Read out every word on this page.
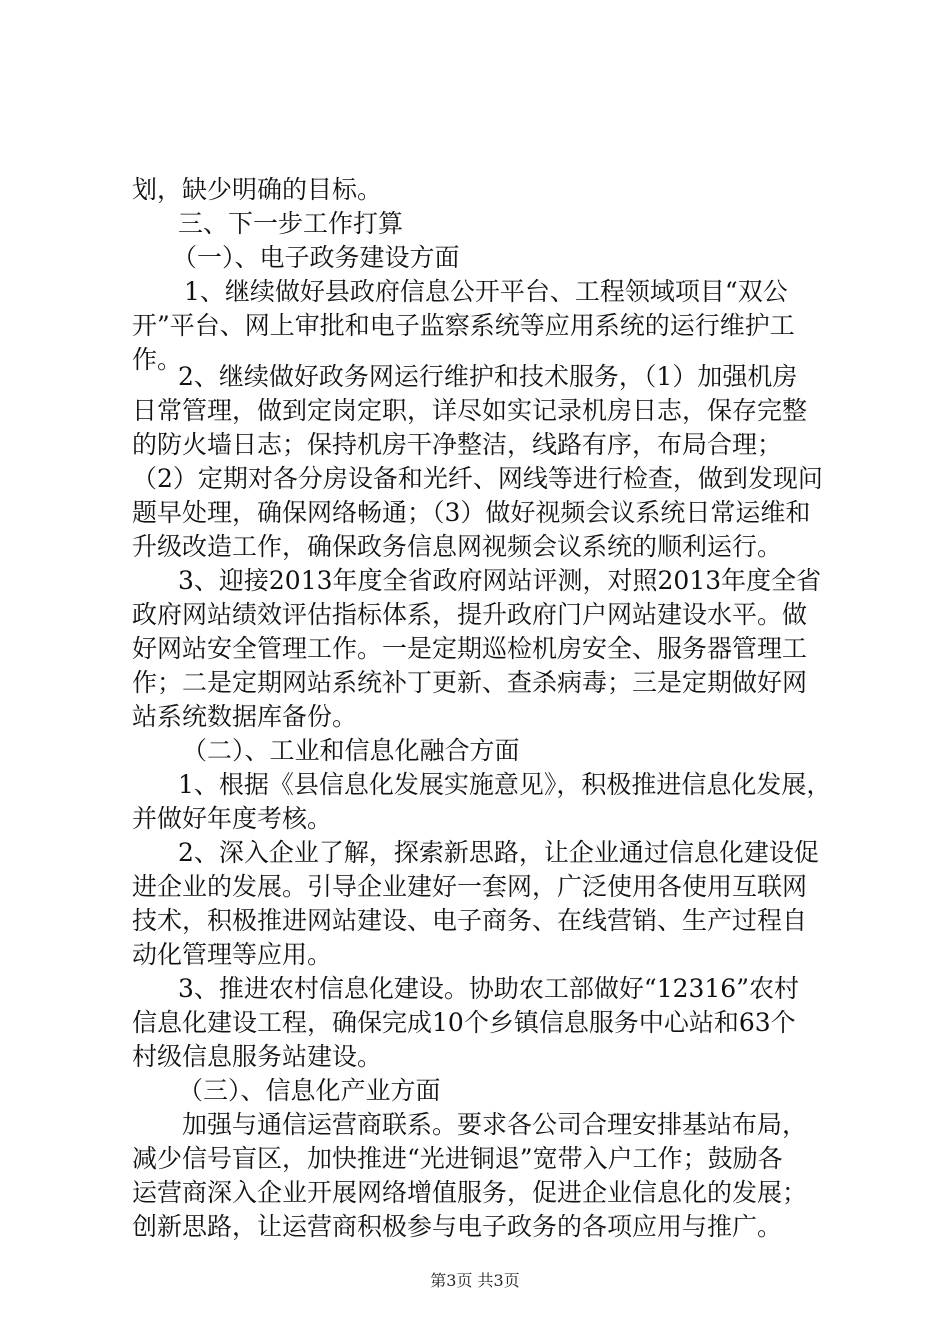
划，缺少明确的目标。
三、下一步工作打算
（一）、电子政务建设方面
1、继续做好县政府信息公开平台、工程领域项目“双公
开”平台、网上审批和电子监察系统等应用系统的运行维护工
作。
2、继续做好政务网运行维护和技术服务，（1）加强机房
日常管理，做到定岗定职，详尽如实记录机房日志，保存完整
的防火墙日志；保持机房干净整洁，线路有序，布局合理；
（2）定期对各分房设备和光纤、网线等进行检查，做到发现问
题早处理，确保网络畅通；（3）做好视频会议系统日常运维和
升级改造工作，确保政务信息网视频会议系统的顺利运行。
3、迎接2013年度全省政府网站评测，对照2013年度全省
政府网站绩效评估指标体系，提升政府门户网站建设水平。做
好网站安全管理工作。一是定期巡检机房安全、服务器管理工
作；二是定期网站系统补丁更新、查杀病毒；三是定期做好网
站系统数据库备份。
（二）、工业和信息化融合方面
1、根据《县信息化发展实施意见》，积极推进信息化发展，
并做好年度考核。
2、深入企业了解，探索新思路，让企业通过信息化建设促
进企业的发展。引导企业建好一套网，广泛使用各使用互联网
技术，积极推进网站建设、电子商务、在线营销、生产过程自
动化管理等应用。
3、推进农村信息化建设。协助农工部做好“12316”农村
信息化建设工程，确保完成10个乡镇信息服务中心站和63个
村级信息服务站建设。
（三）、信息化产业方面
加强与通信运营商联系。要求各公司合理安排基站布局，
减少信号盲区，加快推进“光进铜退”宽带入户工作；鼓励各
运营商深入企业开展网络增值服务，促进企业信息化的发展；
创新思路，让运营商积极参与电子政务的各项应用与推广。
第3页 共3页
